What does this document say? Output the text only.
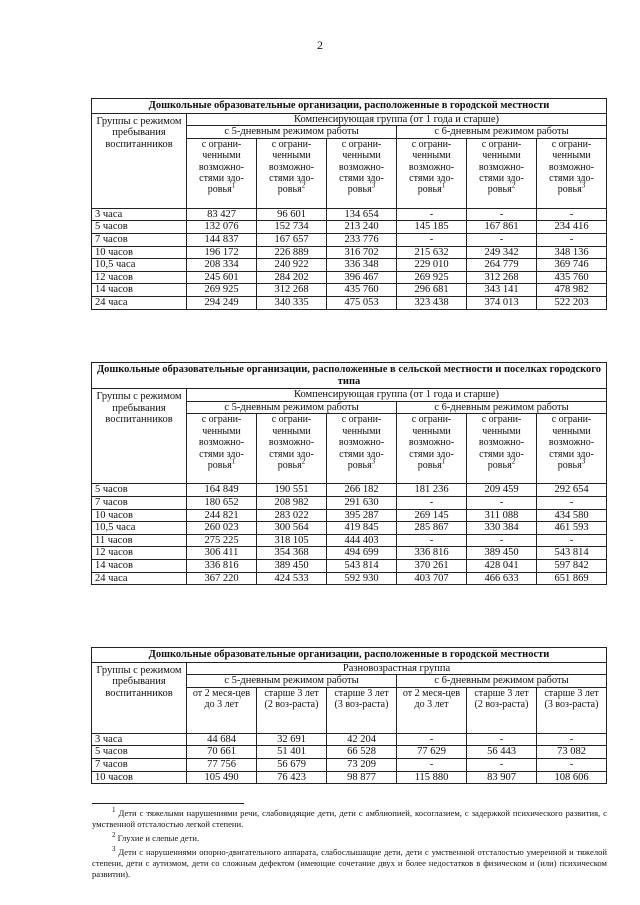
2
Дошкольные образовательные организации, расположенные в городской местности						
Группы с режимом пребывания воспитанников	Компенсирующая группа (от 1 года и старше)					
	с 5-дневным режимом работы			с 6-дневным режимом работы		
	с ограни-ченными возможно-стями здо-ровья$^1$	с ограни-ченными возможно-стями здо-ровья$^2$	с ограни-ченными возможно-стями здо-ровья$^3$	с ограни-ченными возможно-стями здо-ровья$^1$	с ограни-ченными возможно-стями здо-ровья$^2$	с ограни-ченными возможно-стями здо-ровья$^3$
3 часа	83 427	96 601	134 654	-	-	-
5 часов	132 076	152 734	213 240	145 185	167 861	234 416
7 часов	144 837	167 657	233 776	-	-	-
10 часов	196 172	226 889	316 702	215 632	249 342	348 136
10,5 часа	208 334	240 922	336 348	229 010	264 779	369 746
12 часов	245 601	284 202	396 467	269 925	312 268	435 760
14 часов	269 925	312 268	435 760	296 681	343 141	478 982
24 часа	294 249	340 335	475 053	323 438	374 013	522 203
Дошкольные образовательные организации, расположенные в сельской местности и поселках городского типа						
Группы с режимом пребывания воспитанников	Компенсирующая группа (от 1 года и старше)					
	с 5-дневным режимом работы			с 6-дневным режимом работы		
	с ограни-ченными возможно-стями здо-ровья$^1$	с ограни-ченными возможно-стями здо-ровья$^2$	с ограни-ченными возможно-стями здо-ровья$^3$	с ограни-ченными возможно-стями здо-ровья$^1$	с ограни-ченными возможно-стями здо-ровья$^2$	с ограни-ченными возможно-стями здо-ровья$^3$
5 часов	164 849	190 551	266 182	181 236	209 459	292 654
7 часов	180 652	208 982	291 630	-	-	-
10 часов	244 821	283 022	395 287	269 145	311 088	434 580
10,5 часа	260 023	300 564	419 845	285 867	330 384	461 593
11 часов	275 225	318 105	444 403	-	-	-
12 часов	306 411	354 368	494 699	336 816	389 450	543 814
14 часов	336 816	389 450	543 814	370 261	428 041	597 842
24 часа	367 220	424 533	592 930	403 707	466 633	651 869
Дошкольные образовательные организации, расположенные в городской местности						
Группы с режимом пребывания воспитанников	Разновозрастная группа					
	с 5-дневным режимом работы			с 6-дневным режимом работы		
	от 2 меся-цев до 3 лет	старше 3 лет (2 воз-раста)	старше 3 лет (3 воз-раста)	от 2 меся-цев до 3 лет	старше 3 лет (2 воз-раста)	старше 3 лет (3 воз-раста)
3 часа	44 684	32 691	42 204	-	-	-
5 часов	70 661	51 401	66 528	77 629	56 443	73 082
7 часов	77 756	56 679	73 209	-	-	-
10 часов	105 490	76 423	98 877	115 880	83 907	108 606

$^1$ Дети с тяжелыми нарушениями речи, слабовидящие дети, дети с амблиопией, косоглазием, с задержкой психического развития, с умственной отсталостью легкой степени.

$^2$ Глухие и слепые дети.

$^3$ Дети с нарушениями опорно-двигательного аппарата, слабослышащие дети, дети с умственной отсталостью умеренной и тяжелой степени, дети с аутизмом, дети со сложным дефектом (имеющие сочетание двух и более недостатков в физическом и (или) психическом развитии).
